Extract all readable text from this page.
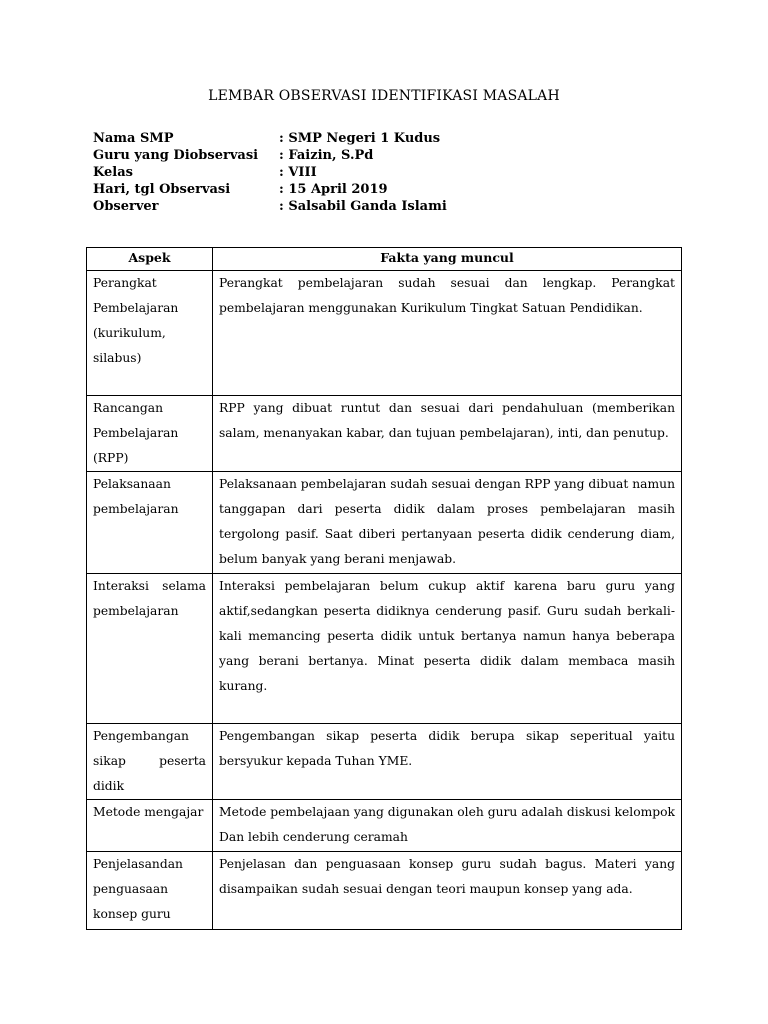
LEMBAR OBSERVASI IDENTIFIKASI MASALAH
Nama SMP	: SMP Negeri 1 Kudus
Guru yang Diobservasi	: Faizin, S.Pd
Kelas	: VIII
Hari, tgl Observasi	: 15 April 2019
Observer	: Salsabil Ganda Islami
Aspek	Fakta yang muncul
Perangkat Pembelajaran (kurikulum, silabus)	Perangkat pembelajaran sudah sesuai dan lengkap. Perangkat pembelajaran menggunakan Kurikulum Tingkat Satuan Pendidikan.
Rancangan Pembelajaran (RPP)	RPP yang dibuat runtut dan sesuai dari pendahuluan (memberikan salam, menanyakan kabar, dan tujuan pembelajaran), inti, dan penutup.
Pelaksanaan pembelajaran	Pelaksanaan pembelajaran sudah sesuai dengan RPP yang dibuat namun tanggapan dari peserta didik dalam proses pembelajaran masih tergolong pasif. Saat diberi pertanyaan peserta didik cenderung diam, belum banyak yang berani menjawab.
Interaksi selama pembelajaran	Interaksi pembelajaran belum cukup aktif karena baru guru yang aktif,sedangkan peserta didiknya cenderung pasif. Guru sudah berkali-kali memancing peserta didik untuk bertanya namun hanya beberapa yang berani bertanya. Minat peserta didik dalam membaca masih kurang.
Pengembangan sikap peserta didik	Pengembangan sikap peserta didik berupa sikap seperitual yaitu bersyukur kepada Tuhan YME.
Metode mengajar	Metode pembelajaan yang digunakan oleh guru adalah diskusi kelompok Dan lebih cenderung ceramah
Penjelasandan penguasaan konsep guru	Penjelasan dan penguasaan konsep guru sudah bagus. Materi yang disampaikan sudah sesuai dengan teori maupun konsep yang ada.
